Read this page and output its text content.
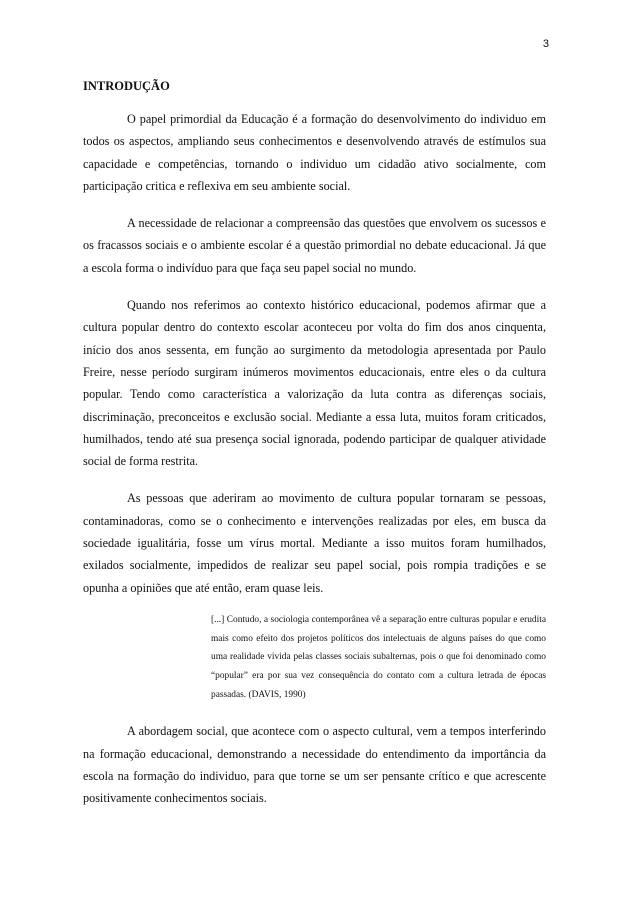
3
INTRODUÇÃO

O papel primordial da Educação é a formação do desenvolvimento do individuo em todos os aspectos, ampliando seus conhecimentos e desenvolvendo através de estímulos sua capacidade e competências, tornando o individuo um cidadão ativo socialmente, com participação critica e reflexiva em seu ambiente social.

A necessidade de relacionar a compreensão das questões que envolvem os sucessos e os fracassos sociais e o ambiente escolar é a questão primordial no debate educacional. Já que a escola forma o indivíduo para que faça seu papel social no mundo.

Quando nos referimos ao contexto histórico educacional, podemos afirmar que a cultura popular dentro do contexto escolar aconteceu por volta do fim dos anos cinquenta, início dos anos sessenta, em função ao surgimento da metodologia apresentada por Paulo Freire, nesse período surgiram inúmeros movimentos educacionais, entre eles o da cultura popular. Tendo como característica a valorização da luta contra as diferenças sociais, discriminação, preconceitos e exclusão social. Mediante a essa luta, muitos foram criticados, humilhados, tendo até sua presença social ignorada, podendo participar de qualquer atividade social de forma restrita.

As pessoas que aderiram ao movimento de cultura popular tornaram se pessoas, contaminadoras, como se o conhecimento e intervenções realizadas por eles, em busca da sociedade igualitária, fosse um vírus mortal. Mediante a isso muitos foram humilhados, exilados socialmente, impedidos de realizar seu papel social, pois rompia tradições e se opunha a opiniões que até então, eram quase leis.

[...] Contudo, a sociologia contemporânea vê a separação entre culturas popular e erudita mais como efeito dos projetos políticos dos intelectuais de alguns países do que como uma realidade vivida pelas classes sociais subalternas, pois o que foi denominado como “popular” era por sua vez consequência do contato com a cultura letrada de épocas passadas. (DAVIS, 1990)

A abordagem social, que acontece com o aspecto cultural, vem a tempos interferindo na formação educacional, demonstrando a necessidade do entendimento da importância da escola na formação do individuo, para que torne se um ser pensante crítico e que acrescente positivamente conhecimentos sociais.
